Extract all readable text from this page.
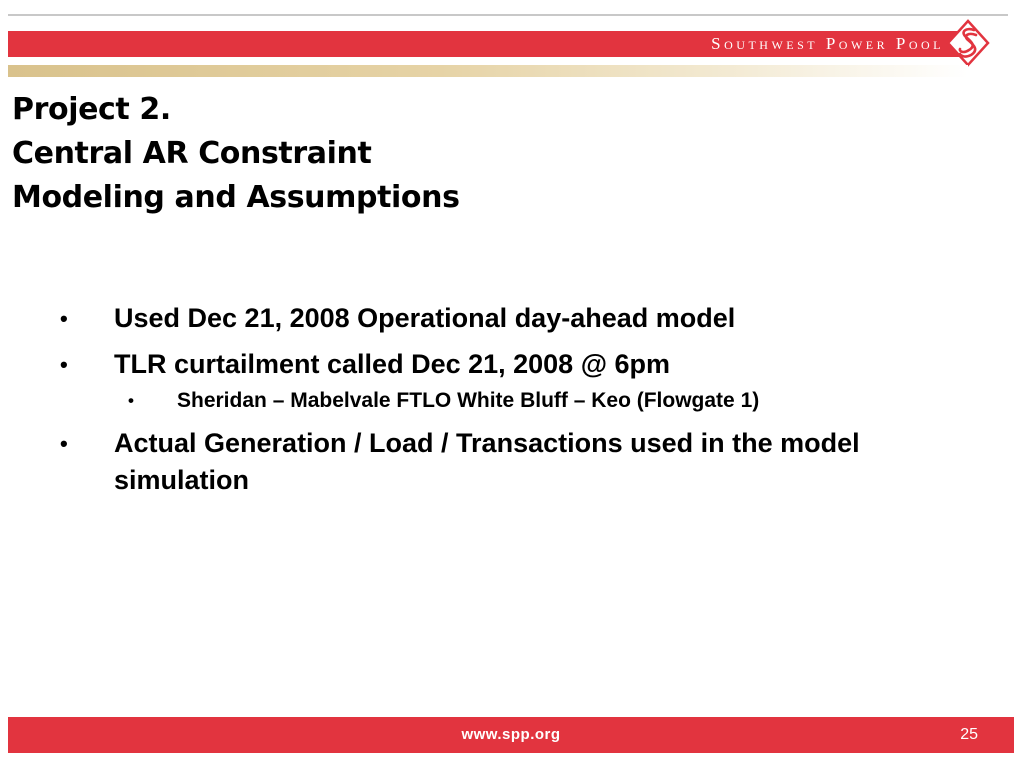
Southwest Power Pool
Project 2.
Central AR Constraint
Modeling and Assumptions
• Used Dec 21, 2008 Operational day-ahead model
• TLR curtailment called Dec 21, 2008 @ 6pm
• Sheridan – Mabelvale FTLO White Bluff – Keo (Flowgate 1)
• Actual Generation / Load / Transactions used in the model simulation
www.spp.org	25
